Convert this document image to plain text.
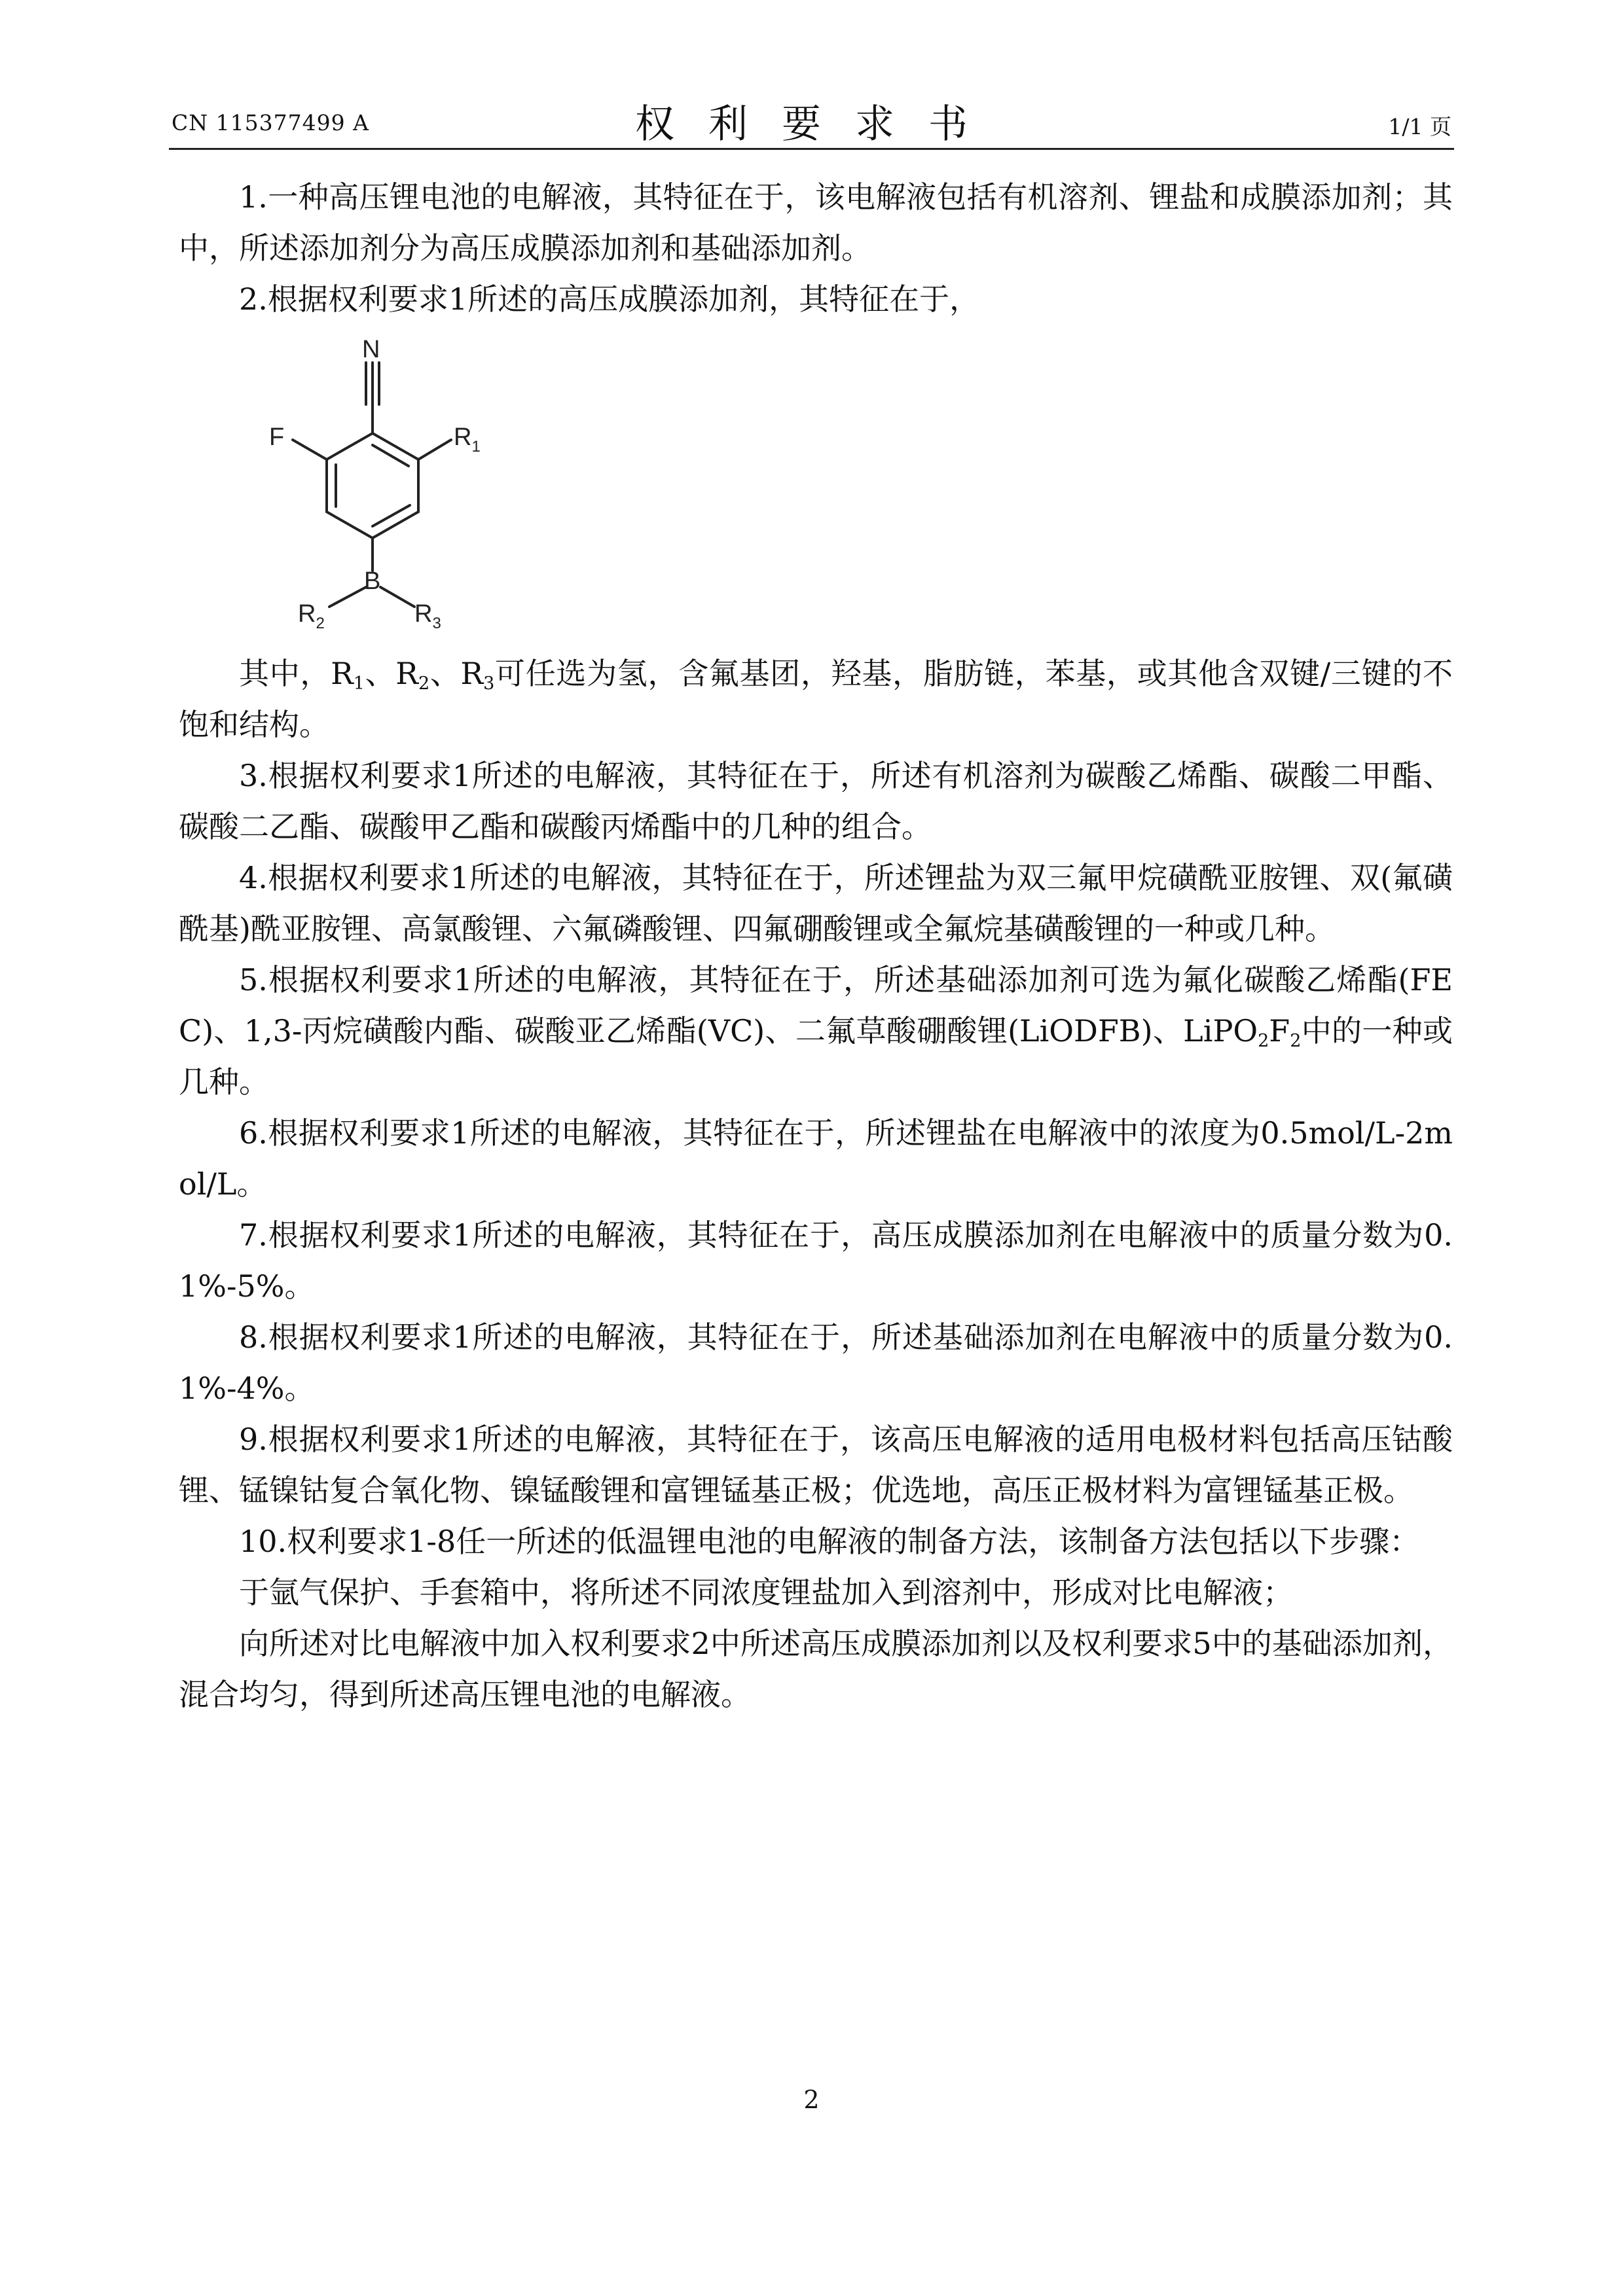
CN 115377499 A	权利要求书	1/1 页

1.一种高压锂电池的电解液，其特征在于，该电解液包括有机溶剂、锂盐和成膜添加剂；其中，所述添加剂分为高压成膜添加剂和基础添加剂。

2.根据权利要求1所述的高压成膜添加剂，其特征在于，

N
F	$R_1$
B
$R_2$	$R_3$

其中，$R_1$、$R_2$、$R_3$可任选为氢，含氟基团，羟基，脂肪链，苯基，或其他含双键/三键的不饱和结构。

3.根据权利要求1所述的电解液，其特征在于，所述有机溶剂为碳酸乙烯酯、碳酸二甲酯、碳酸二乙酯、碳酸甲乙酯和碳酸丙烯酯中的几种的组合。

4.根据权利要求1所述的电解液，其特征在于，所述锂盐为双三氟甲烷磺酰亚胺锂、双(氟磺酰基)酰亚胺锂、高氯酸锂、六氟磷酸锂、四氟硼酸锂或全氟烷基磺酸锂的一种或几种。

5.根据权利要求1所述的电解液，其特征在于，所述基础添加剂可选为氟化碳酸乙烯酯(FEC)、1,3-丙烷磺酸内酯、碳酸亚乙烯酯(VC)、二氟草酸硼酸锂(LiODFB)、$LiPO_2F_2$中的一种或几种。

6.根据权利要求1所述的电解液，其特征在于，所述锂盐在电解液中的浓度为0.5mol/L-2mol/L。

7.根据权利要求1所述的电解液，其特征在于，高压成膜添加剂在电解液中的质量分数为0.1%-5%。

8.根据权利要求1所述的电解液，其特征在于，所述基础添加剂在电解液中的质量分数为0.1%-4%。

9.根据权利要求1所述的电解液，其特征在于，该高压电解液的适用电极材料包括高压钴酸锂、锰镍钴复合氧化物、镍锰酸锂和富锂锰基正极；优选地，高压正极材料为富锂锰基正极。

10.权利要求1-8任一所述的低温锂电池的电解液的制备方法，该制备方法包括以下步骤：

于氩气保护、手套箱中，将所述不同浓度锂盐加入到溶剂中，形成对比电解液；

向所述对比电解液中加入权利要求2中所述高压成膜添加剂以及权利要求5中的基础添加剂，混合均匀，得到所述高压锂电池的电解液。

2
